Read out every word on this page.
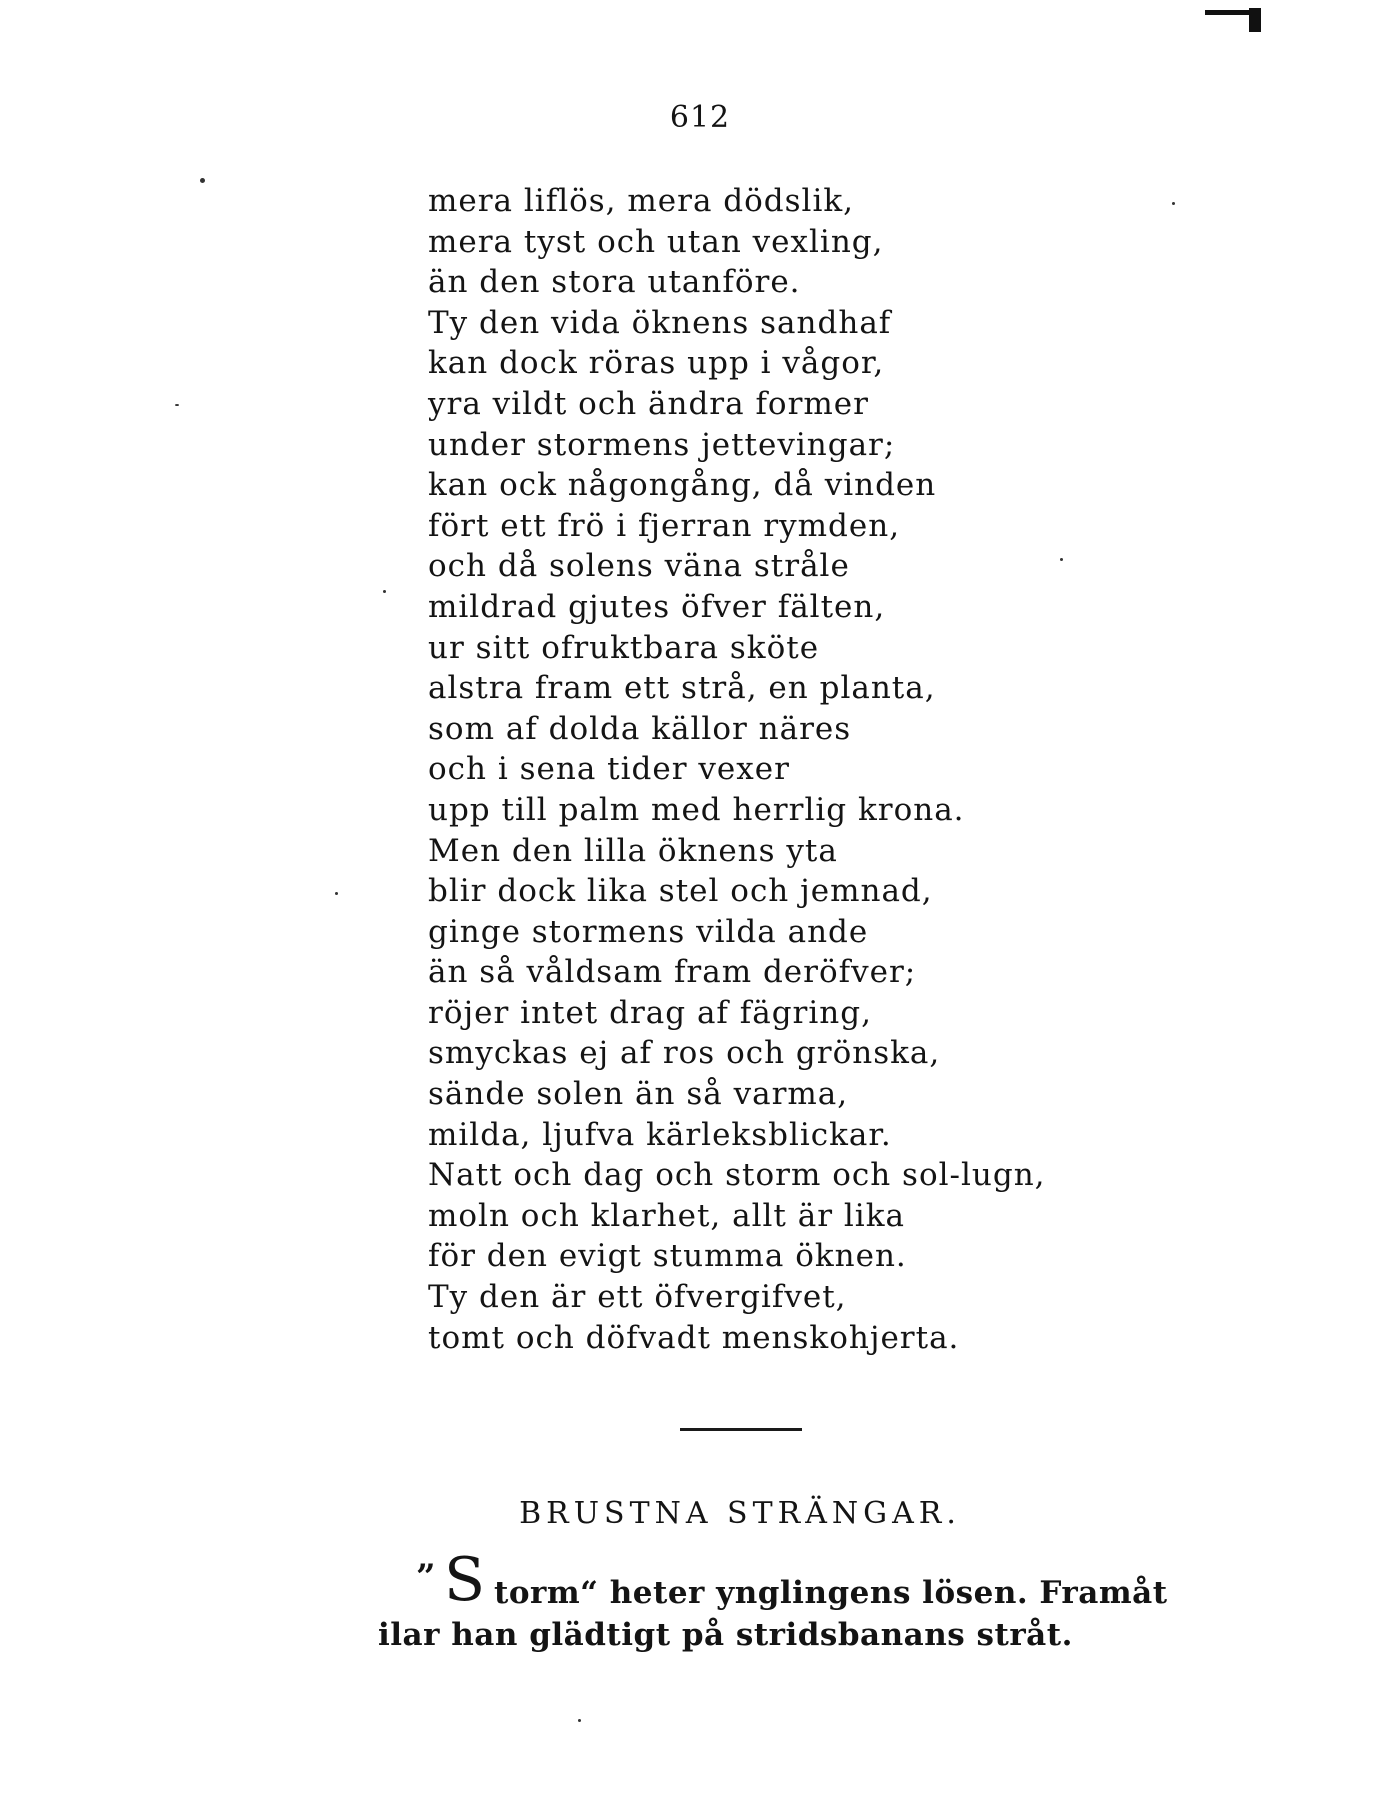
612
mera liflös, mera dödslik,
mera tyst och utan vexling,
än den stora utanföre.
Ty den vida öknens sandhaf
kan dock röras upp i vågor,
yra vildt och ändra former
under stormens jettevingar;
kan ock någongång, då vinden
fört ett frö i fjerran rymden,
och då solens väna stråle
mildrad gjutes öfver fälten,
ur sitt ofruktbara sköte
alstra fram ett strå, en planta,
som af dolda källor näres
och i sena tider vexer
upp till palm med herrlig krona.
Men den lilla öknens yta
blir dock lika stel och jemnad,
ginge stormens vilda ande
än så våldsam fram deröfver;
röjer intet drag af fägring,
smyckas ej af ros och grönska,
sände solen än så varma,
milda, ljufva kärleksblickar.
Natt och dag och storm och sol-lugn,
moln och klarhet, allt är lika
för den evigt stumma öknen.
Ty den är ett öfvergifvet,
tomt och döfvadt menskohjerta.
BRUSTNA STRÄNGAR.
” S torm“ heter ynglingens lösen. Framåt
ilar han glädtigt på stridsbanans stråt.
